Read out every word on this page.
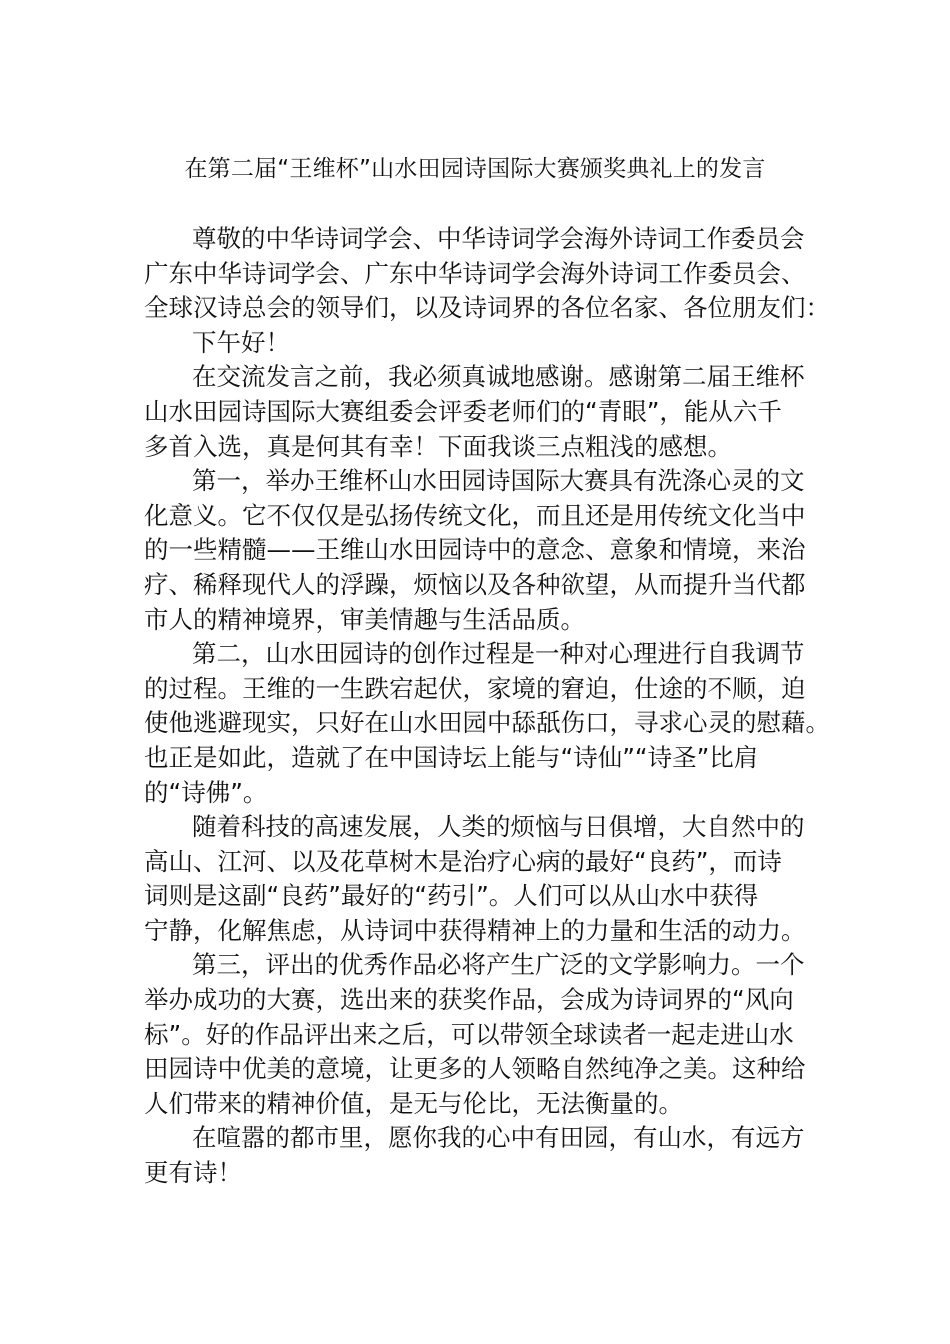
在第二届“王维杯”山水田园诗国际大赛颁奖典礼上的发言
尊敬的中华诗词学会、中华诗词学会海外诗词工作委员会
广东中华诗词学会、广东中华诗词学会海外诗词工作委员会、
全球汉诗总会的领导们，以及诗词界的各位名家、各位朋友们：
下午好！
在交流发言之前，我必须真诚地感谢。感谢第二届王维杯
山水田园诗国际大赛组委会评委老师们的“青眼”，能从六千
多首入选，真是何其有幸！下面我谈三点粗浅的感想。
第一，举办王维杯山水田园诗国际大赛具有洗涤心灵的文
化意义。它不仅仅是弘扬传统文化，而且还是用传统文化当中
的一些精髓——王维山水田园诗中的意念、意象和情境，来治
疗、稀释现代人的浮躁，烦恼以及各种欲望，从而提升当代都
市人的精神境界，审美情趣与生活品质。
第二，山水田园诗的创作过程是一种对心理进行自我调节
的过程。王维的一生跌宕起伏，家境的窘迫，仕途的不顺，迫
使他逃避现实，只好在山水田园中舔舐伤口，寻求心灵的慰藉。
也正是如此，造就了在中国诗坛上能与“诗仙”“诗圣”比肩
的“诗佛”。
随着科技的高速发展，人类的烦恼与日俱增，大自然中的
高山、江河、以及花草树木是治疗心病的最好“良药”，而诗
词则是这副“良药”最好的“药引”。人们可以从山水中获得
宁静，化解焦虑，从诗词中获得精神上的力量和生活的动力。
第三，评出的优秀作品必将产生广泛的文学影响力。一个
举办成功的大赛，选出来的获奖作品，会成为诗词界的“风向
标”。好的作品评出来之后，可以带领全球读者一起走进山水
田园诗中优美的意境，让更多的人领略自然纯净之美。这种给
人们带来的精神价值，是无与伦比，无法衡量的。
在喧嚣的都市里，愿你我的心中有田园，有山水，有远方
更有诗！
